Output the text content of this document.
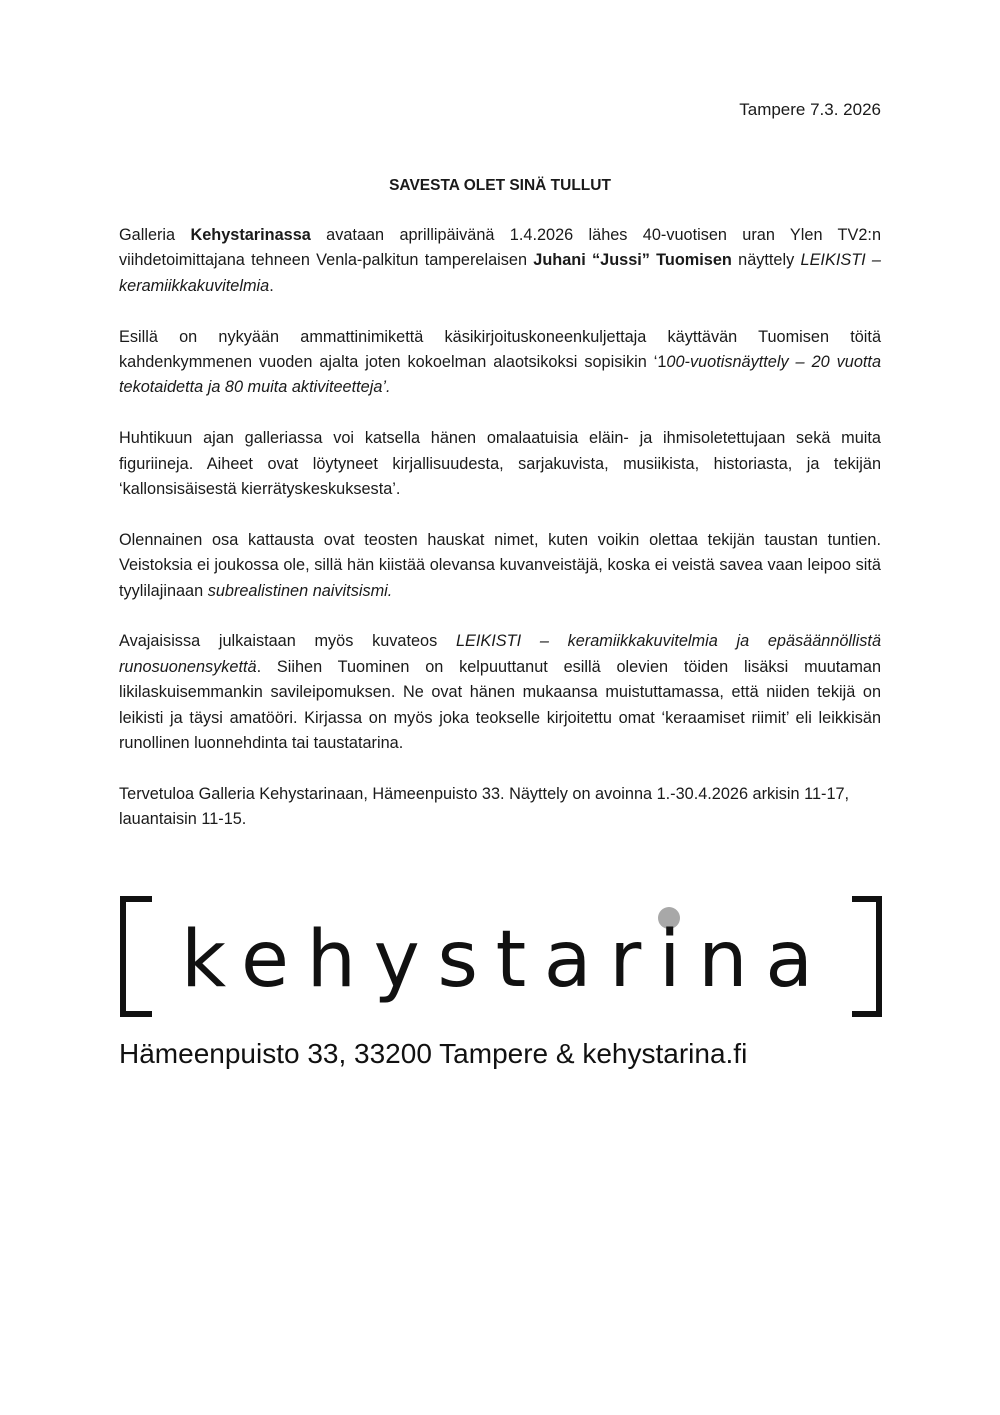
Tampere 7.3. 2026
SAVESTA OLET SINÄ TULLUT

Galleria Kehystarinassa avataan aprillipäivänä 1.4.2026 lähes 40-vuotisen uran Ylen TV2:n viihdetoimittajana tehneen Venla-palkitun tamperelaisen Juhani “Jussi” Tuomisen näyttely LEIKISTI – keramiikkakuvitelmia.

Esillä on nykyään ammattinimikettä käsikirjoituskoneenkuljettaja käyttävän Tuomisen töitä kahdenkymmenen vuoden ajalta joten kokoelman alaotsikoksi sopisikin ‘100-vuotisnäyttely – 20 vuotta tekotaidetta ja 80 muita aktiviteetteja’.

Huhtikuun ajan galleriassa voi katsella hänen omalaatuisia eläin- ja ihmisoletettujaan sekä muita figuriineja. Aiheet ovat löytyneet kirjallisuudesta, sarjakuvista, musiikista, historiasta, ja tekijän ‘kallonsisäisestä kierrätyskeskuksesta’.

Olennainen osa kattausta ovat teosten hauskat nimet, kuten voikin olettaa tekijän taustan tuntien. Veistoksia ei joukossa ole, sillä hän kiistää olevansa kuvanveistäjä, koska ei veistä savea vaan leipoo sitä tyylilajinaan subrealistinen naivitsismi.

Avajaisissa julkaistaan myös kuvateos LEIKISTI – keramiikkakuvitelmia ja epäsäännöllistä runosuonensykettä. Siihen Tuominen on kelpuuttanut esillä olevien töiden lisäksi muutaman likilaskuisemmankin savileipomuksen. Ne ovat hänen mukaansa muistuttamassa, että niiden tekijä on leikisti ja täysi amatööri. Kirjassa on myös joka teokselle kirjoitettu omat ‘keraamiset riimit’ eli leikkisän runollinen luonnehdinta tai taustatarina.

Tervetuloa Galleria Kehystarinaan, Hämeenpuisto 33. Näyttely on avoinna 1.-30.4.2026 arkisin 11-17, lauantaisin 11-15.

kehystarina
Hämeenpuisto 33, 33200 Tampere & kehystarina.fi
